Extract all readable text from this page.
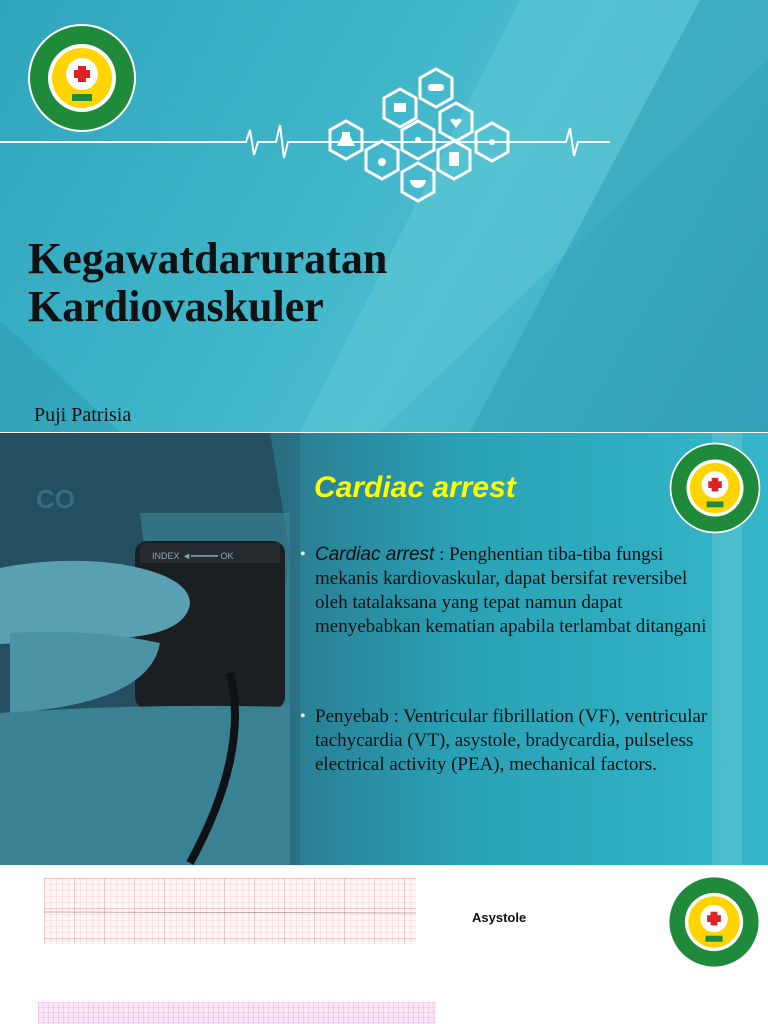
Kegawatdaruratan
Kardiovaskuler
Puji Patrisia
CO
INDEX ◄━━━━━ OK
Cardiac arrest
• Cardiac arrest : Penghentian tiba-tiba fungsi mekanis kardiovaskular, dapat bersifat reversibel oleh tatalaksana yang tepat namun dapat menyebabkan kematian apabila terlambat ditangani
• Penyebab : Ventricular fibrillation (VF), ventricular tachycardia (VT), asystole, bradycardia, pulseless electrical activity (PEA), mechanical factors.
Asystole
